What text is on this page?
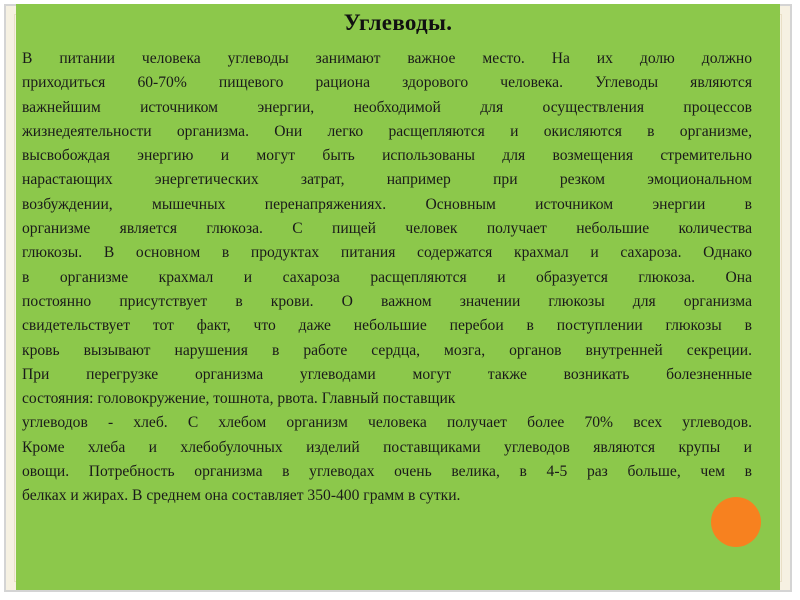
Углеводы.
В питании человека углеводы занимают важное место. На их долю должно
приходиться 60-70% пищевого рациона здорового человека. Углеводы являются
важнейшим источником энергии, необходимой для осуществления процессов
жизнедеятельности организма. Они легко расщепляются и окисляются в организме,
высвобождая энергию и могут быть использованы для возмещения стремительно
нарастающих энергетических затрат, например при резком эмоциональном
возбуждении, мышечных перенапряжениях. Основным источником энергии в
организме является глюкоза. С пищей человек получает небольшие количества
глюкозы. В основном в продуктах питания содержатся крахмал и сахароза. Однако
в организме крахмал и сахароза расщепляются и образуется глюкоза. Она
постоянно присутствует в крови. О важном значении глюкозы для организма
свидетельствует тот факт, что даже небольшие перебои в поступлении глюкозы в
кровь вызывают нарушения в работе сердца, мозга, органов внутренней секреции.
При перегрузке организма углеводами могут также возникать болезненные
состояния: головокружение, тошнота, рвота. Главный поставщик
углеводов - хлеб. С хлебом организм человека получает более 70% всех углеводов.
Кроме хлеба и хлебобулочных изделий поставщиками углеводов являются крупы и
овощи. Потребность организма в углеводах очень велика, в 4-5 раз больше, чем в
белках и жирах. В среднем она составляет 350-400 грамм в сутки.
